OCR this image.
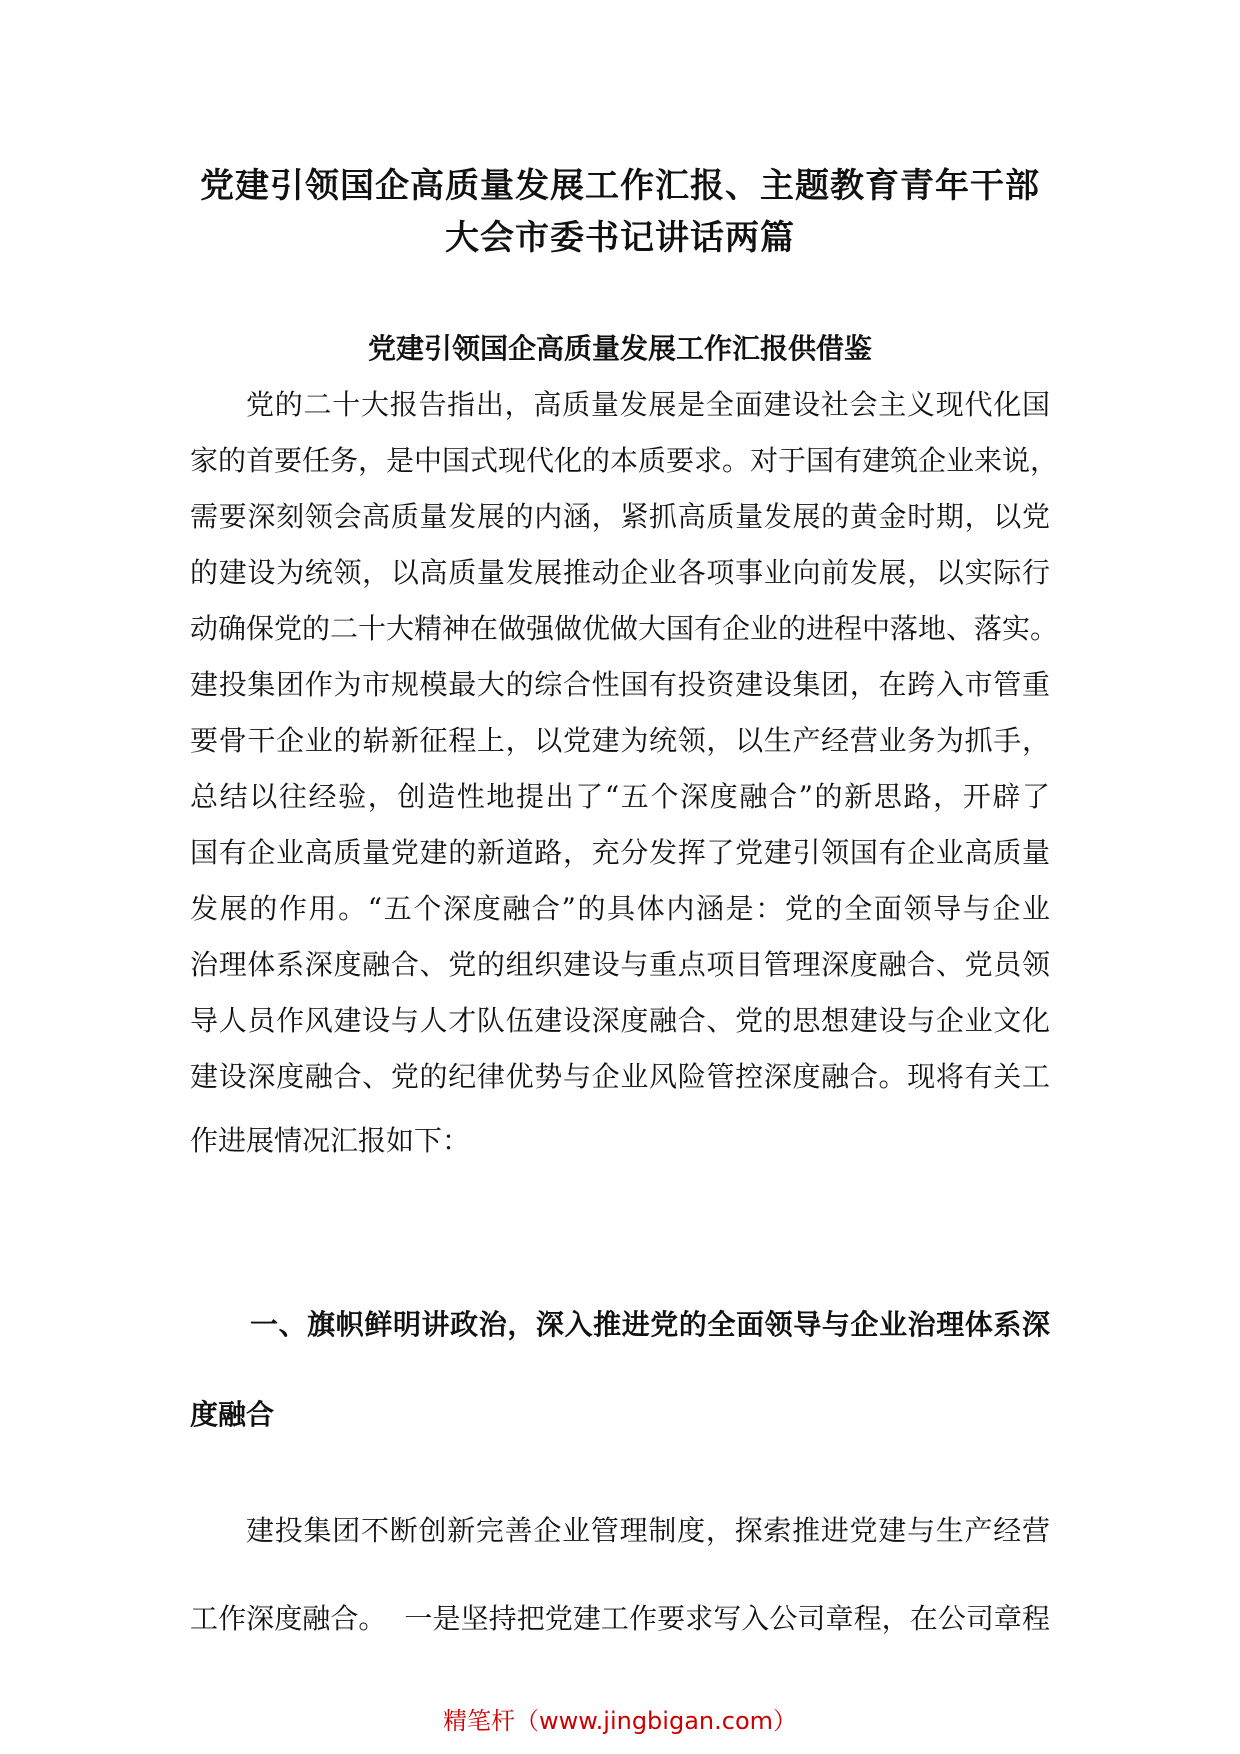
党建引领国企高质量发展工作汇报、主题教育青年干部
大会市委书记讲话两篇
党建引领国企高质量发展工作汇报供借鉴
党的二十大报告指出，高质量发展是全面建设社会主义现代化国
家的首要任务，是中国式现代化的本质要求。对于国有建筑企业来说，
需要深刻领会高质量发展的内涵，紧抓高质量发展的黄金时期，以党
的建设为统领，以高质量发展推动企业各项事业向前发展，以实际行
动确保党的二十大精神在做强做优做大国有企业的进程中落地、落实。
建投集团作为市规模最大的综合性国有投资建设集团，在跨入市管重
要骨干企业的崭新征程上，以党建为统领，以生产经营业务为抓手，
总结以往经验，创造性地提出了“五个深度融合”的新思路，开辟了
国有企业高质量党建的新道路，充分发挥了党建引领国有企业高质量
发展的作用。“五个深度融合”的具体内涵是：党的全面领导与企业
治理体系深度融合、党的组织建设与重点项目管理深度融合、党员领
导人员作风建设与人才队伍建设深度融合、党的思想建设与企业文化
建设深度融合、党的纪律优势与企业风险管控深度融合。现将有关工
作进展情况汇报如下：
一、旗帜鲜明讲政治，深入推进党的全面领导与企业治理体系深
度融合
建投集团不断创新完善企业管理制度，探索推进党建与生产经营
工作深度融合。  一是坚持把党建工作要求写入公司章程，在公司章程
精笔杆（www.jingbigan.com）
